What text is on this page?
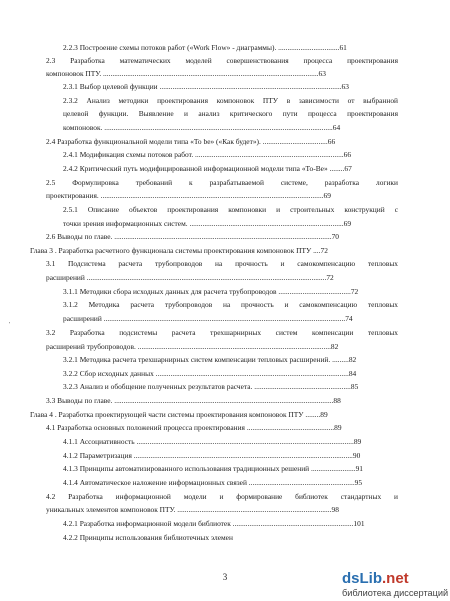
2.2.3 Построение схемы потоков работ («Work Flow» - диаграммы). .................................61
2.3 Разработка математических моделей совершенствования процесса проектирования
компоновок ПТУ. ....................................................................................................................63
2.3.1 Выбор целевой функции ..................................................................................................63
2.3.2 Анализ методики проектирования компоновок ПТУ в зависимости от выбранной
целевой функции. Выявление и анализ критического пути процесса проектирования
компоновок. ...........................................................................................................................64
2.4 Разработка функциональной модели типа «To be» («Как будет»). ...................................66
2.4.1 Модификация схемы потоков работ. ................................................................................66
2.4.2 Критический путь модифицированной информационной модели типа «To-Be» ........67
2.5 Формулировка требований к разрабатываемой системе, разработка логики
проектирования. ........................................................................................................................69
2.5.1 Описание объектов проектирования компоновки и строительных конструкций с
точки зрения информационных систем. ...................................................................................69
2.6 Выводы по главе. .....................................................................................................................70
Глава 3 . Разработка расчетного функционала системы проектирования компоновок ПТУ ....72
3.1 Подсистема расчета трубопроводов на прочность и самокомпенсацию тепловых
расширений .................................................................................................................................72
3.1.1 Методики сбора исходных данных для расчета трубопроводов .......................................72
3.1.2 Методика расчета трубопроводов на прочность и самокомпенсацию тепловых
расширений ..................................................................................................................................74
3.2 Разработка подсистемы расчета трехшарнирных систем компенсации тепловых
расширений трубопроводов. ........................................................................................................82
3.2.1 Методика расчета трехшарнирных систем компенсации тепловых расширений. .........82
3.2.2 Сбор исходных данных ........................................................................................................84
3.2.3 Анализ и обобщение полученных результатов расчета. ....................................................85
3.3 Выводы по главе. ......................................................................................................................88
Глава 4 . Разработка проектирующей части системы проектирования компоновок ПТУ ........89
4.1 Разработка основных положений процесса проектирования ...............................................89
4.1.1 Ассоциативность .....................................................................................................................89
4.1.2 Параметризация ......................................................................................................................90
4.1.3 Принципы автоматизированного использования традиционных решений ........................91
4.1.4 Автоматическое наложение информационных связей .........................................................95
4.2 Разработка информационной модели и формирование библиотек стандартных и
уникальных элементов компоновок ПТУ. ...................................................................................98
4.2.1 Разработка информационной модели библиотек .................................................................101
4.2.2 Принципы использования библиотечных элемен
'
3	dsLib.net
библиотека диссертаций
